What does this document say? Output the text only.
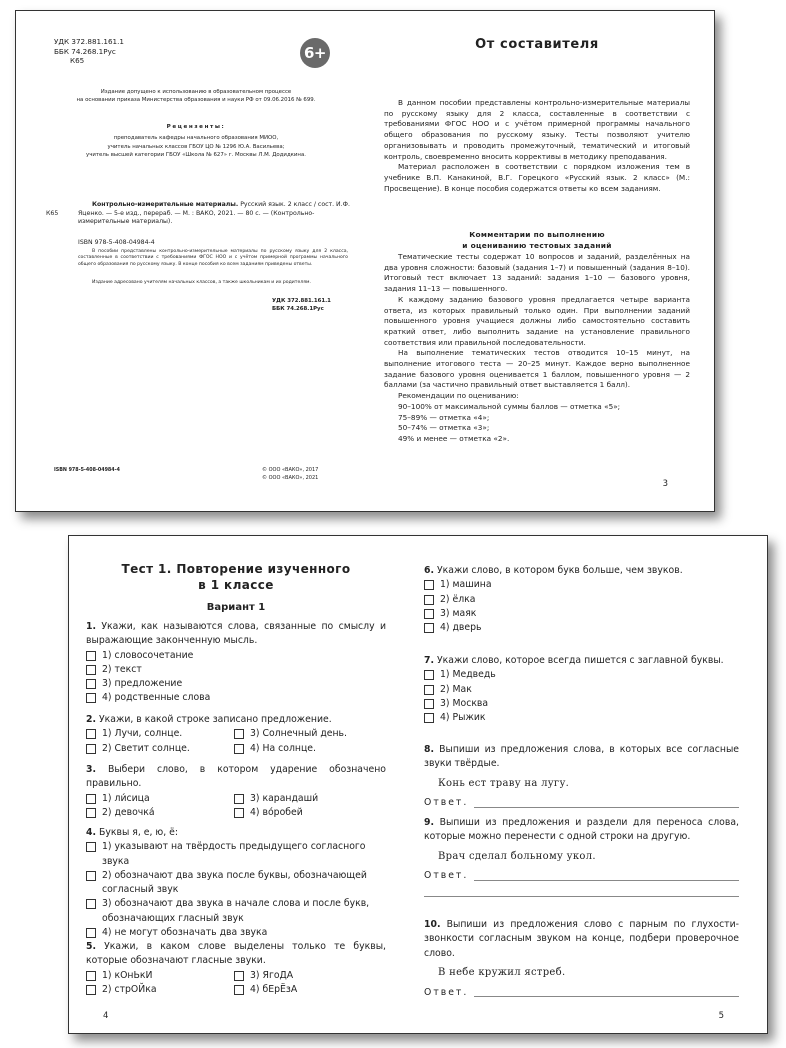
УДК 372.881.161.1
ББК 74.268.1Рус
К65	6+
Издание допущено к использованию в образовательном процессе
на основании приказа Министерства образования и науки РФ от 09.06.2016 № 699.
Рецензенты:
преподаватель кафедры начального образования МИОО,
учитель начальных классов ГБОУ ЦО № 1296 Ю.А. Васильева;
учитель высшей категории ГБОУ «Школа № 627» г. Москвы Л.М. Додидкина.
К65
Контрольно-измерительные материалы. Русский язык. 2 класс / сост. И.Ф. Яценко. — 5-е изд., перераб. — М. : ВАКО, 2021. — 80 с. — (Контрольно-измерительные материалы).
ISBN 978-5-408-04984-4
В пособии представлены контрольно-измерительные материалы по русскому языку для 2 класса, составленные в соответствии с требованиями ФГОС НОО и с учётом примерной программы начального общего образования по русскому языку. В конце пособия ко всем заданиям приведены ответы.
Издание адресовано учителям начальных классов, а также школьникам и их родителям.
УДК 372.881.161.1
ББК 74.268.1Рус
ISBN 978-5-408-04984-4	© ООО «ВАКО», 2017
© ООО «ВАКО», 2021
От составителя

В данном пособии представлены контрольно-измерительные материалы по русскому языку для 2 класса, составленные в соответствии с требованиями ФГОС НОО и с учётом примерной программы начального общего образования по русскому языку. Тесты позволяют учителю организовывать и проводить промежуточный, тематический и итоговый контроль, своевременно вносить коррективы в методику преподавания.

Материал расположен в соответствии с порядком изложения тем в учебнике В.П. Канакиной, В.Г. Горецкого «Русский язык. 2 класс» (М.: Просвещение). В конце пособия содержатся ответы ко всем заданиям.

Комментарии по выполнению
и оцениванию тестовых заданий

Тематические тесты содержат 10 вопросов и заданий, разделённых на два уровня сложности: базовый (задания 1–7) и повышенный (задания 8–10). Итоговый тест включает 13 заданий: задания 1–10 — базового уровня, задания 11–13 — повышенного.

К каждому заданию базового уровня предлагается четыре варианта ответа, из которых правильный только один. При выполнении заданий повышенного уровня учащиеся должны либо самостоятельно составить краткий ответ, либо выполнить задание на установление правильного соответствия или правильной последовательности.

На выполнение тематических тестов отводится 10–15 минут, на выполнение итогового теста — 20–25 минут. Каждое верно выполненное задание базового уровня оценивается 1 баллом, повышенного уровня — 2 баллами (за частично правильный ответ выставляется 1 балл).

Рекомендации по оцениванию:
90–100% от максимальной суммы баллов — отметка «5»;
75–89% — отметка «4»;
50–74% — отметка «3»;
49% и менее — отметка «2».
3
Тест 1. Повторение изученного
в 1 классе
Вариант 1
1. Укажи, как называются слова, связанные по смыслу и выражающие законченную мысль.
1) словосочетание
2) текст
3) предложение
4) родственные слова
2. Укажи, в какой строке записано предложение.
1) Лучи, солнце.	3) Солнечный день.
2) Светит солнце.	4) На солнце.
3. Выбери слово, в котором ударение обозначено правильно.
1) ли́сица	3) карандаши́
2) девочка́	4) во́робей
4. Буквы я, е, ю, ё:
1) указывают на твёрдость предыдущего согласного звука
2) обозначают два звука после буквы, обозначающей согласный звук
3) обозначают два звука в начале слова и после букв, обозначающих гласный звук
4) не могут обозначать два звука
5. Укажи, в каком слове выделены только те буквы, которые обозначают гласные звуки.
1) кОнЬкИ	3) ЯгоДА
2) стрОЙка	4) бЕрЁзА
4
6. Укажи слово, в котором букв больше, чем звуков.
1) машина
2) ёлка
3) маяк
4) дверь
7. Укажи слово, которое всегда пишется с заглавной буквы.
1) Медведь
2) Мак
3) Москва
4) Рыжик
8. Выпиши из предложения слова, в которых все согласные звуки твёрдые.
Конь ест траву на лугу.
Ответ.
9. Выпиши из предложения и раздели для переноса слова, которые можно перенести с одной строки на другую.
Врач сделал больному укол.
Ответ.
10. Выпиши из предложения слово с парным по глухости-звонкости согласным звуком на конце, подбери проверочное слово.
В небе кружил ястреб.
Ответ.
5
